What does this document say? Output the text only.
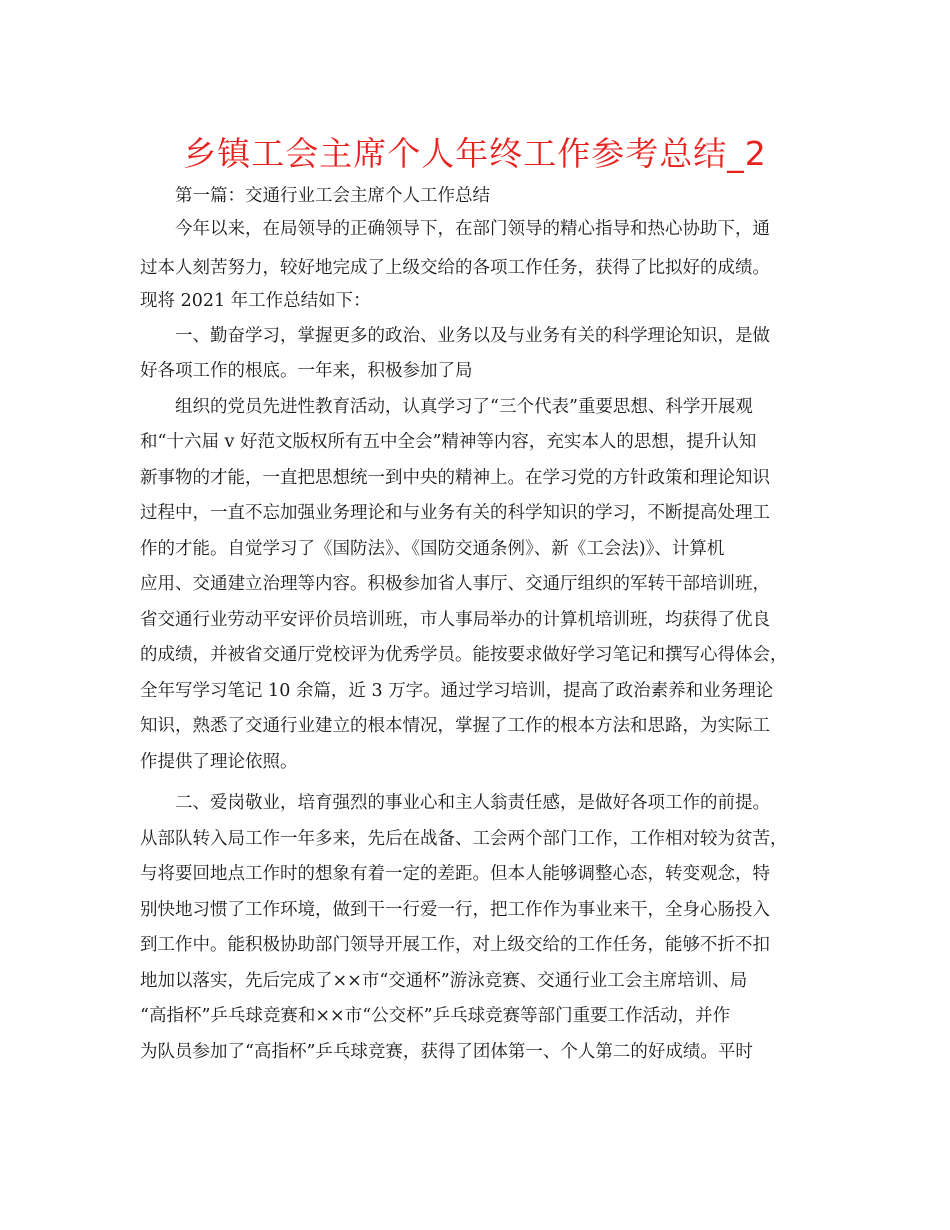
乡镇工会主席个人年终工作参考总结_2

第一篇：交通行业工会主席个人工作总结

今年以来，在局领导的正确领导下，在部门领导的精心指导和热心协助下，通

过本人刻苦努力，较好地完成了上级交给的各项工作任务，获得了比拟好的成绩。

现将 2021 年工作总结如下：

一、勤奋学习，掌握更多的政治、业务以及与业务有关的科学理论知识，是做

好各项工作的根底。一年来，积极参加了局

组织的党员先进性教育活动，认真学习了“三个代表”重要思想、科学开展观

和“十六届 v 好范文版权所有五中全会”精神等内容，充实本人的思想，提升认知

新事物的才能，一直把思想统一到中央的精神上。在学习党的方针政策和理论知识

过程中，一直不忘加强业务理论和与业务有关的科学知识的学习，不断提高处理工

作的才能。自觉学习了《国防法》、《国防交通条例》、新《工会法)》、计算机

应用、交通建立治理等内容。积极参加省人事厅、交通厅组织的军转干部培训班，

省交通行业劳动平安评价员培训班，市人事局举办的计算机培训班，均获得了优良

的成绩，并被省交通厅党校评为优秀学员。能按要求做好学习笔记和撰写心得体会，

全年写学习笔记 10 余篇，近 3 万字。通过学习培训，提高了政治素养和业务理论

知识，熟悉了交通行业建立的根本情况，掌握了工作的根本方法和思路，为实际工

作提供了理论依照。

二、爱岗敬业，培育强烈的事业心和主人翁责任感，是做好各项工作的前提。

从部队转入局工作一年多来，先后在战备、工会两个部门工作，工作相对较为贫苦，

与将要回地点工作时的想象有着一定的差距。但本人能够调整心态，转变观念，特

别快地习惯了工作环境，做到干一行爱一行，把工作作为事业来干，全身心肠投入

到工作中。能积极协助部门领导开展工作，对上级交给的工作任务，能够不折不扣

地加以落实，先后完成了××市“交通杯”游泳竞赛、交通行业工会主席培训、局

“高指杯”乒乓球竞赛和××市“公交杯”乒乓球竞赛等部门重要工作活动，并作

为队员参加了“高指杯”乒乓球竞赛，获得了团体第一、个人第二的好成绩。平时
